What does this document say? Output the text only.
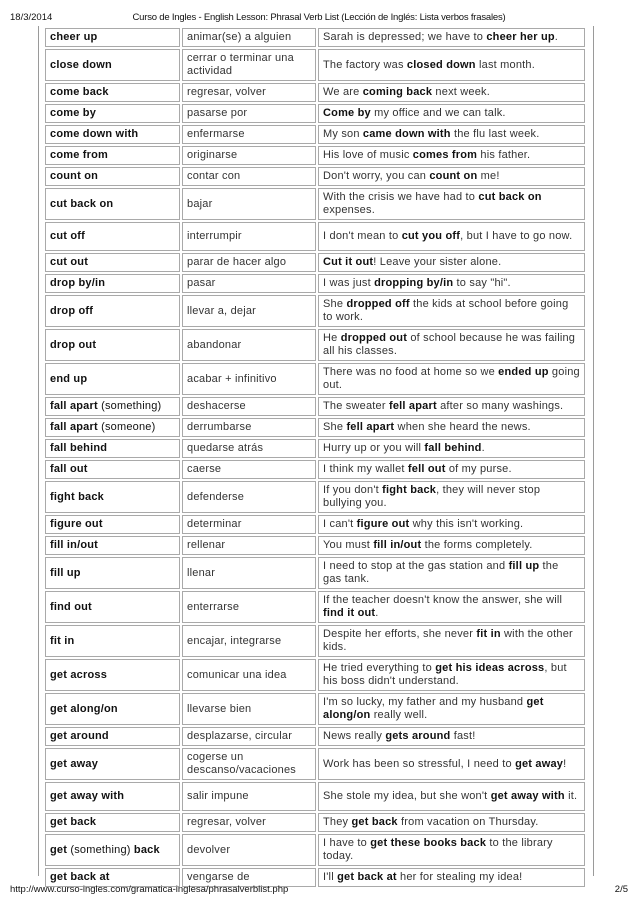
18/3/2014	Curso de Ingles - English Lesson: Phrasal Verb List (Lección de Inglés: Lista verbos frasales)
cheer up	animar(se) a alguien	Sarah is depressed; we have to cheer her up.
close down	cerrar o terminar una actividad	The factory was closed down last month.
come back	regresar, volver	We are coming back next week.
come by	pasarse por	Come by my office and we can talk.
come down with	enfermarse	My son came down with the flu last week.
come from	originarse	His love of music comes from his father.
count on	contar con	Don't worry, you can count on me!
cut back on	bajar	With the crisis we have had to cut back on expenses.
cut off	interrumpir	I don't mean to cut you off, but I have to go now.
cut out	parar de hacer algo	Cut it out! Leave your sister alone.
drop by/in	pasar	I was just dropping by/in to say "hi".
drop off	llevar a, dejar	She dropped off the kids at school before going to work.
drop out	abandonar	He dropped out of school because he was failing all his classes.
end up	acabar + infinitivo	There was no food at home so we ended up going out.
fall apart (something)	deshacerse	The sweater fell apart after so many washings.
fall apart (someone)	derrumbarse	She fell apart when she heard the news.
fall behind	quedarse atrás	Hurry up or you will fall behind.
fall out	caerse	I think my wallet fell out of my purse.
fight back	defenderse	If you don't fight back, they will never stop bullying you.
figure out	determinar	I can't figure out why this isn't working.
fill in/out	rellenar	You must fill in/out the forms completely.
fill up	llenar	I need to stop at the gas station and fill up the gas tank.
find out	enterrarse	If the teacher doesn't know the answer, she will find it out.
fit in	encajar, integrarse	Despite her efforts, she never fit in with the other kids.
get across	comunicar una idea	He tried everything to get his ideas across, but his boss didn't understand.
get along/on	llevarse bien	I'm so lucky, my father and my husband get along/on really well.
get around	desplazarse, circular	News really gets around fast!
get away	cogerse un descanso/vacaciones	Work has been so stressful, I need to get away!
get away with	salir impune	She stole my idea, but she won't get away with it.
get back	regresar, volver	They get back from vacation on Thursday.
get (something) back	devolver	I have to get these books back to the library today.
get back at	vengarse de	I'll get back at her for stealing my idea!
http://www.curso-ingles.com/gramatica-inglesa/phrasalverblist.php	2/5
